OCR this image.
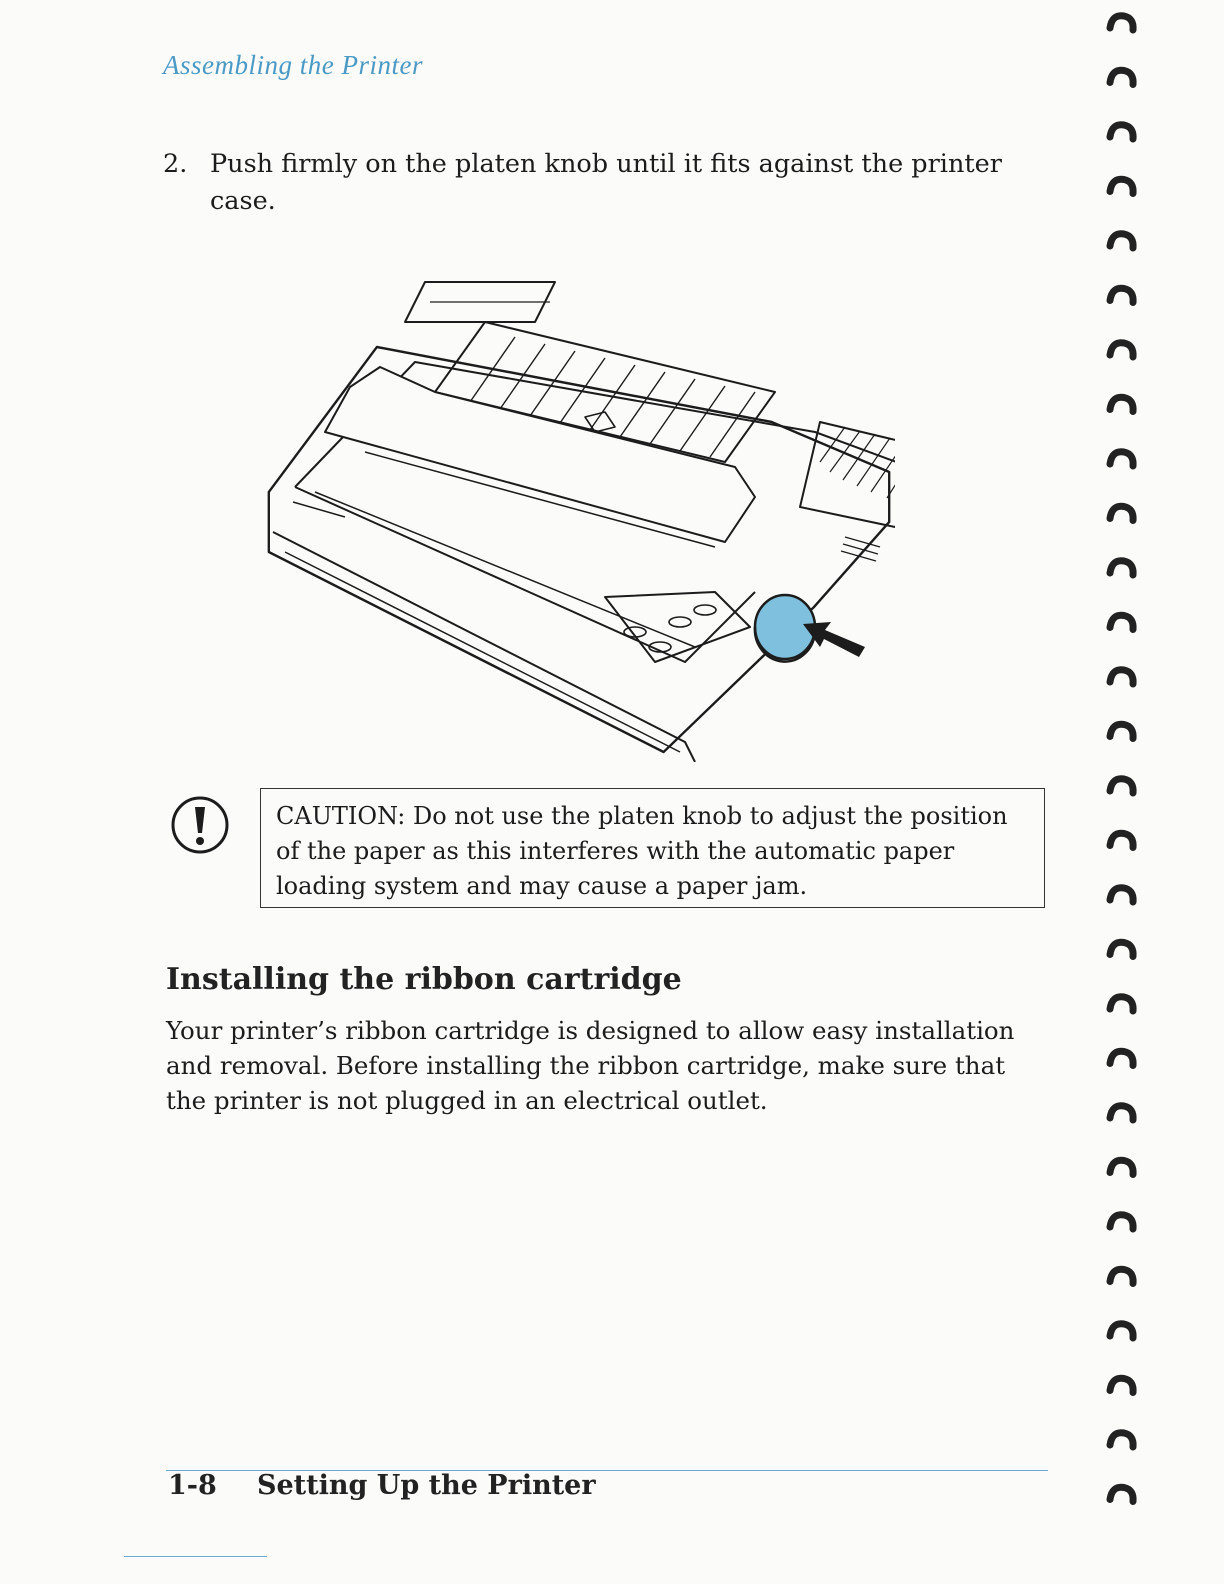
Assembling the Printer
2. Push firmly on the platen knob until it fits against the printer case.
CAUTION: Do not use the platen knob to adjust the position of the paper as this interferes with the automatic paper loading system and may cause a paper jam.
Installing the ribbon cartridge
Your printer’s ribbon cartridge is designed to allow easy installation and removal. Before installing the ribbon cartridge, make sure that the printer is not plugged in an electrical outlet.
1-8 Setting Up the Printer
